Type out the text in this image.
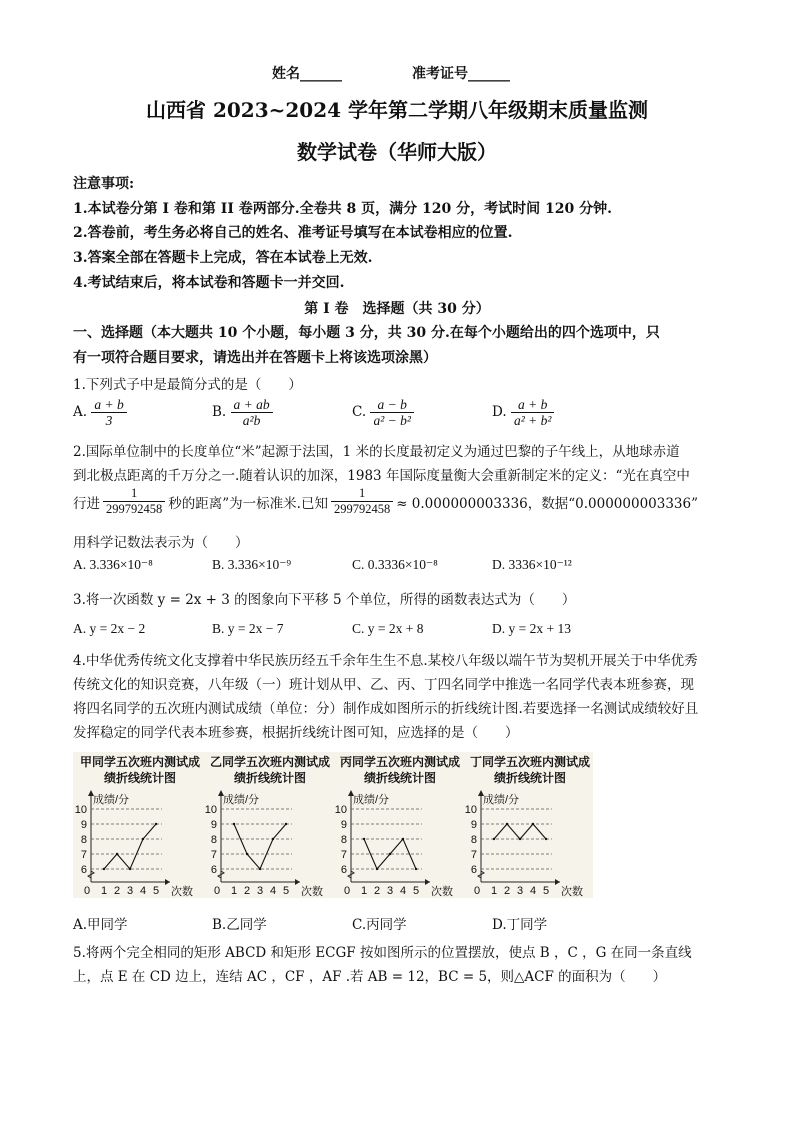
姓名______	准考证号______
山西省 2023~2024 学年第二学期八年级期末质量监测
数学试卷（华师大版）
注意事项:
1.本试卷分第 I 卷和第 II 卷两部分.全卷共 8 页，满分 120 分，考试时间 120 分钟.
2.答卷前，考生务必将自己的姓名、准考证号填写在本试卷相应的位置.
3.答案全部在答题卡上完成，答在本试卷上无效.
4.考试结束后，将本试卷和答题卡一并交回.
第 I 卷　选择题（共 30 分）
一、选择题（本大题共 10 个小题，每小题 3 分，共 30 分.在每个小题给出的四个选项中，只
有一项符合题目要求，请选出并在答题卡上将该选项涂黑）
1.下列式子中是最简分式的是（　　）
A. $\frac{a + b}{3}$	B. $\frac{a + ab}{\text{a²b}}$	C. $\frac{a - b}{\text{a² − b²}}$	D. $\frac{a + b}{\text{a² + b²}}$
2.国际单位制中的长度单位“米”起源于法国，1 米的长度最初定义为通过巴黎的子午线上，从地球赤道
到北极点距离的千万分之一.随着认识的加深，1983 年国际度量衡大会重新制定米的定义：“光在真空中
行进 $\frac{1}{299792458}$ 秒的距离”为一标准米.已知 $\frac{1}{299792458} \approx 0.000000003336$，数据“0.000000003336”
用科学记数法表示为（　　）
A. 3.336×10⁻⁸	B. 3.336×10⁻⁹	C. 0.3336×10⁻⁸	D. 3336×10⁻¹²
3.将一次函数 y = 2x + 3 的图象向下平移 5 个单位，所得的函数表达式为（　　）
A. y = 2x − 2	B. y = 2x − 7	C. y = 2x + 8	D. y = 2x + 13
4.中华优秀传统文化支撑着中华民族历经五千余年生生不息.某校八年级以端午节为契机开展关于中华优秀
传统文化的知识竞赛，八年级（一）班计划从甲、乙、丙、丁四名同学中推选一名同学代表本班参赛，现
将四名同学的五次班内测试成绩（单位：分）制作成如图所示的折线统计图.若要选择一名测试成绩较好且
发挥稳定的同学代表本班参赛，根据折线统计图可知，应选择的是（　　）
甲同学五次班内测试成绩折线统计图
乙同学五次班内测试成绩折线统计图
丙同学五次班内测试成绩折线统计图
丁同学五次班内测试成绩折线统计图
6
7
8
9
10
0 1 2 3 4 5
成绩/分
次数
6
7
8
9
10
0 1 2 3 4 5
成绩/分
次数
6
7
8
9
10
0 1 2 3 4 5
成绩/分
次数
6
7
8
9
10
0 1 2 3 4 5
成绩/分
次数
A.甲同学	B.乙同学	C.丙同学	D.丁同学
5.将两个完全相同的矩形 ABCD 和矩形 ECGF 按如图所示的位置摆放，使点 B ，C ，G 在同一条直线
上，点 E 在 CD 边上，连结 AC ，CF ，AF .若 AB = 12，BC = 5，则△ACF 的面积为（　　）
